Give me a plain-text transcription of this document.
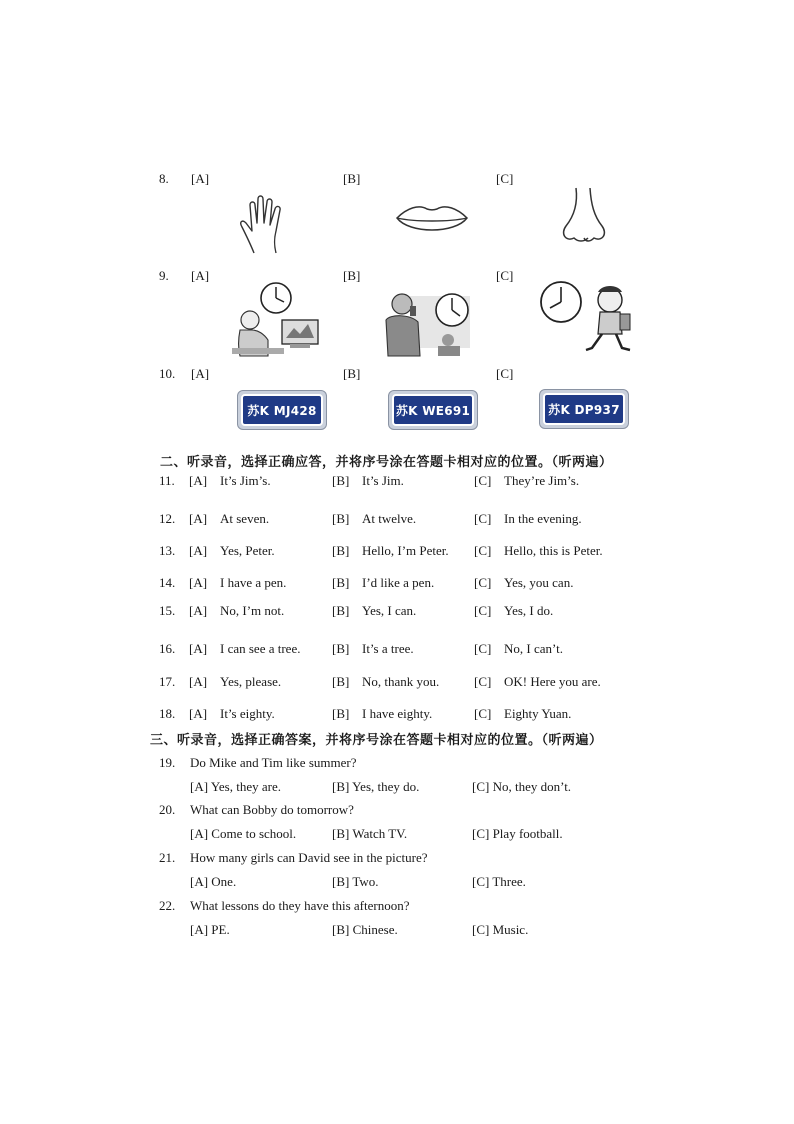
8. [A]	[B]	[C]
9. [A]	[B]	[C]
10. [A]	[B]	[C]
苏K MJ428	苏K WE691	苏K DP937
二、听录音，选择正确应答，并将序号涂在答题卡相对应的位置。（听两遍）
11. [A] It’s Jim’s.	[B] It’s Jim.	[C] They’re Jim’s.
12. [A] At seven.	[B] At twelve.	[C] In the evening.
13. [A] Yes, Peter.	[B] Hello, I’m Peter. [C] Hello, this is Peter.
14. [A] I have a pen.	[B] I’d like a pen.	[C] Yes, you can.
15. [A] No, I’m not.	[B] Yes, I can.	[C] Yes, I do.
16. [A] I can see a tree. [B] It’s a tree.	[C] No, I can’t.
17. [A] Yes, please.	[B] No, thank you.	[C] OK! Here you are.
18. [A] It’s eighty.	[B] I have eighty.	[C] Eighty Yuan.
三、听录音，选择正确答案，并将序号涂在答题卡相对应的位置。（听两遍）
19. Do Mike and Tim like summer?
[A] Yes, they are.	[B] Yes, they do.	[C] No, they don’t.
20. What can Bobby do tomorrow?
[A] Come to school.	[B] Watch TV.	[C] Play football.
21. How many girls can David see in the picture?
[A] One.	[B] Two.	[C] Three.
22. What lessons do they have this afternoon?
[A] PE.	[B] Chinese.	[C] Music.
